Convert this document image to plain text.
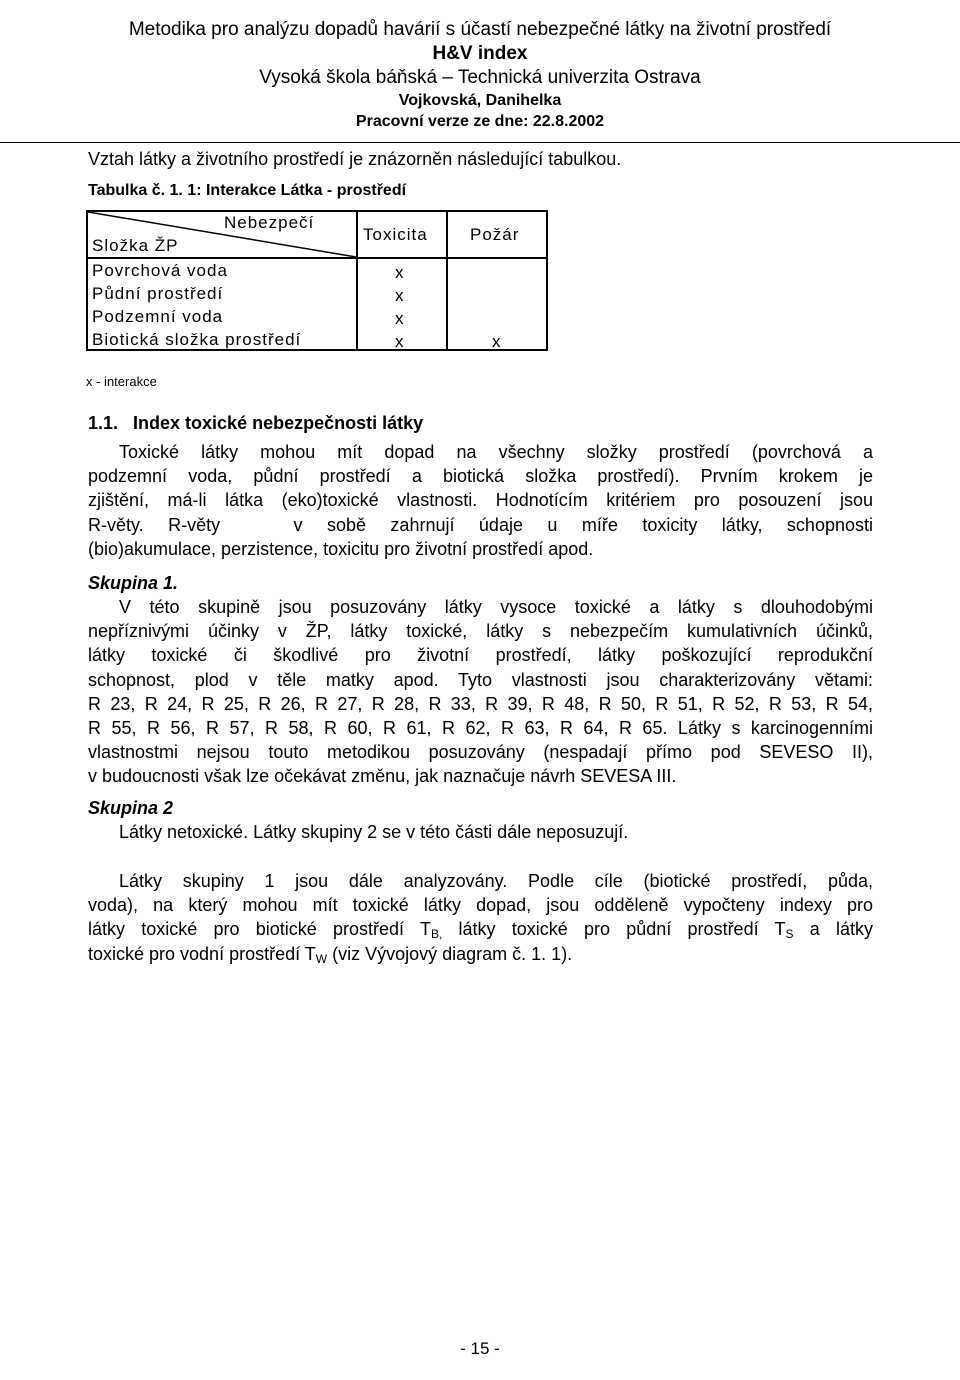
Metodika pro analýzu dopadů havárií s účastí nebezpečné látky na životní prostředí
H&V index
Vysoká škola báňská – Technická univerzita Ostrava
Vojkovská, Danihelka
Pracovní verze ze dne: 22.8.2002
Vztah látky a životního prostředí je znázorněn následující tabulkou.
Tabulka č. 1. 1: Interakce Látka - prostředí
Nebezpečí
Složka ŽP
Toxicita Požár
Povrchová voda	x
Půdní prostředí	x
Podzemní voda	x
Biotická složka prostředí	x	x
x - interakce
1.1.   Index toxické nebezpečnosti látky
Toxické látky mohou mít dopad na všechny složky prostředí (povrchová a
podzemní voda, půdní prostředí a biotická složka prostředí). Prvním krokem je
zjištění, má-li látka (eko)toxické vlastnosti. Hodnotícím kritériem pro posouzení jsou
R-věty. R-věty   v sobě zahrnují údaje u míře toxicity látky, schopnosti
(bio)akumulace, perzistence, toxicitu pro životní prostředí apod.
Skupina 1.
V této skupině jsou posuzovány látky vysoce toxické a látky s dlouhodobými
nepříznivými účinky v ŽP, látky toxické, látky s nebezpečím kumulativních účinků,
látky toxické či škodlivé pro životní prostředí, látky poškozující reprodukční
schopnost, plod v těle matky apod. Tyto vlastnosti jsou charakterizovány větami:
R 23, R 24, R 25, R 26, R 27, R 28, R 33, R 39, R 48, R 50, R 51, R 52, R 53, R 54,
R 55, R 56, R 57, R 58, R 60, R 61, R 62, R 63, R 64, R 65. Látky s karcinogenními
vlastnostmi nejsou touto metodikou posuzovány (nespadají přímo pod SEVESO II),
v budoucnosti však lze očekávat změnu, jak naznačuje návrh SEVESA III.
Skupina 2
Látky netoxické. Látky skupiny 2 se v této části dále neposuzují.
Látky skupiny 1 jsou dále analyzovány. Podle cíle (biotické prostředí, půda,
voda), na který mohou mít toxické látky dopad, jsou odděleně vypočteny indexy pro
látky toxické pro biotické prostředí $T_{B,}$ látky toxické pro půdní prostředí $T_S$ a látky
toxické pro vodní prostředí $T_W$ (viz Vývojový diagram č. 1. 1).
- 15 -
